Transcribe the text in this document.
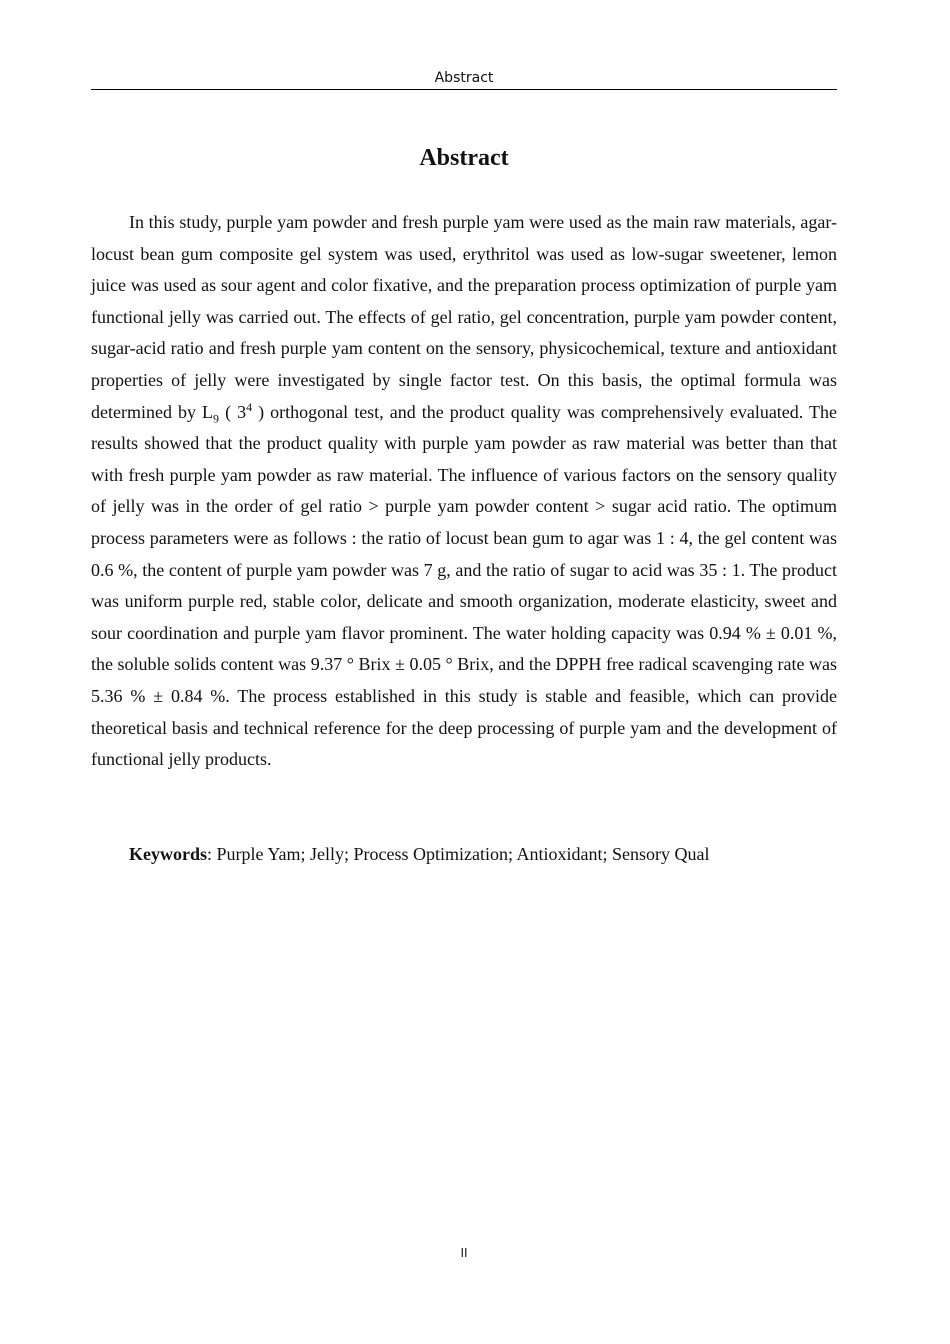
Abstract
Abstract

In this study, purple yam powder and fresh purple yam were used as the main raw materials, agar-locust bean gum composite gel system was used, erythritol was used as low-sugar sweetener, lemon juice was used as sour agent and color fixative, and the preparation process optimization of purple yam functional jelly was carried out. The effects of gel ratio, gel concentration, purple yam powder content, sugar-acid ratio and fresh purple yam content on the sensory, physicochemical, texture and antioxidant properties of jelly were investigated by single factor test. On this basis, the optimal formula was determined by $L_9$ ( $3^4$ ) orthogonal test, and the product quality was comprehensively evaluated. The results showed that the product quality with purple yam powder as raw material was better than that with fresh purple yam powder as raw material. The influence of various factors on the sensory quality of jelly was in the order of gel ratio > purple yam powder content > sugar acid ratio. The optimum process parameters were as follows : the ratio of locust bean gum to agar was 1 : 4, the gel content was 0.6 %, the content of purple yam powder was 7 g, and the ratio of sugar to acid was 35 : 1. The product was uniform purple red, stable color, delicate and smooth organization, moderate elasticity, sweet and sour coordination and purple yam flavor prominent. The water holding capacity was 0.94 % ± 0.01 %, the soluble solids content was 9.37 ° Brix ± 0.05 ° Brix, and the DPPH free radical scavenging rate was 5.36 % ± 0.84 %. The process established in this study is stable and feasible, which can provide theoretical basis and technical reference for the deep processing of purple yam and the development of functional jelly products.

Keywords: Purple Yam; Jelly; Process Optimization; Antioxidant; Sensory Qual

II
